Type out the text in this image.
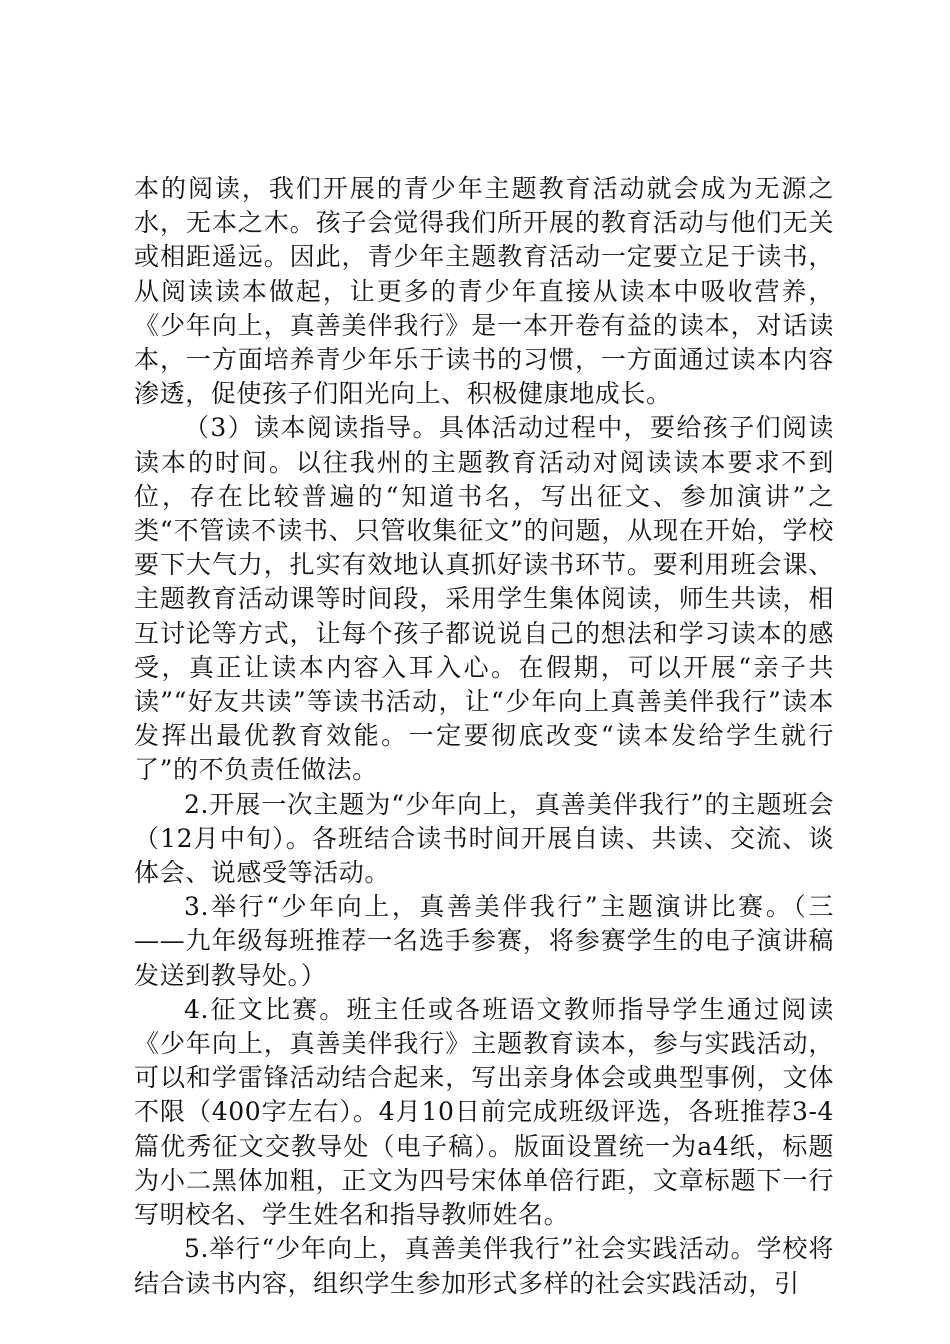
本的阅读，我们开展的青少年主题教育活动就会成为无源之水，无本之木。孩子会觉得我们所开展的教育活动与他们无关或相距遥远。因此，青少年主题教育活动一定要立足于读书，从阅读读本做起，让更多的青少年直接从读本中吸收营养，《少年向上，真善美伴我行》是一本开卷有益的读本，对话读本，一方面培养青少年乐于读书的习惯，一方面通过读本内容渗透，促使孩子们阳光向上、积极健康地成长。

（3）读本阅读指导。具体活动过程中，要给孩子们阅读读本的时间。以往我州的主题教育活动对阅读读本要求不到位，存在比较普遍的“知道书名，写出征文、参加演讲”之类“不管读不读书、只管收集征文”的问题，从现在开始，学校要下大气力，扎实有效地认真抓好读书环节。要利用班会课、主题教育活动课等时间段，采用学生集体阅读，师生共读，相互讨论等方式，让每个孩子都说说自己的想法和学习读本的感受，真正让读本内容入耳入心。在假期，可以开展“亲子共读”“好友共读”等读书活动，让“少年向上真善美伴我行”读本发挥出最优教育效能。一定要彻底改变“读本发给学生就行了”的不负责任做法。

2.开展一次主题为“少年向上，真善美伴我行”的主题班会（12月中旬）。各班结合读书时间开展自读、共读、交流、谈体会、说感受等活动。

3.举行“少年向上，真善美伴我行”主题演讲比赛。（三——九年级每班推荐一名选手参赛，将参赛学生的电子演讲稿发送到教导处。）

4.征文比赛。班主任或各班语文教师指导学生通过阅读《少年向上，真善美伴我行》主题教育读本，参与实践活动，可以和学雷锋活动结合起来，写出亲身体会或典型事例，文体不限（400字左右）。4月10日前完成班级评选，各班推荐3-4篇优秀征文交教导处（电子稿）。版面设置统一为a4纸，标题为小二黑体加粗，正文为四号宋体单倍行距，文章标题下一行写明校名、学生姓名和指导教师姓名。

5.举行“少年向上，真善美伴我行”社会实践活动。学校将结合读书内容，组织学生参加形式多样的社会实践活动，引
